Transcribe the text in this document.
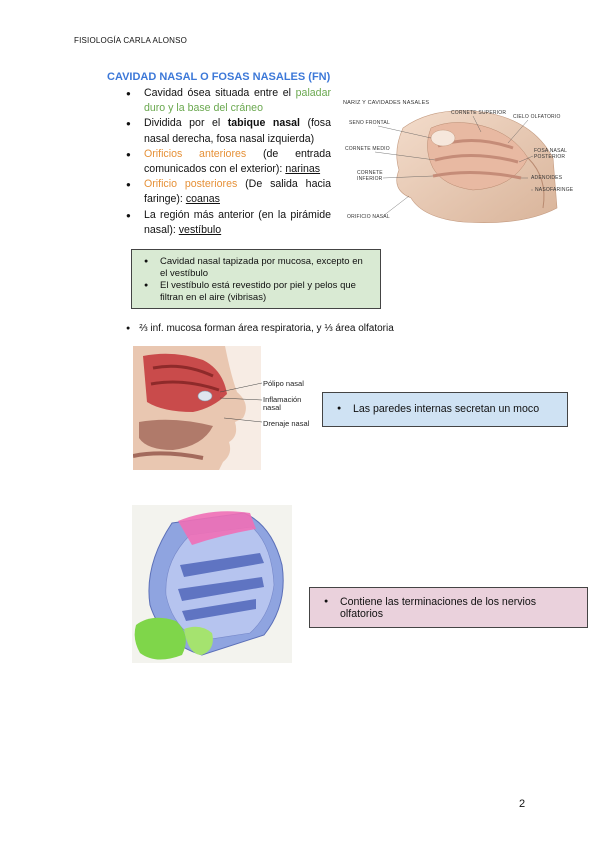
FISIOLOGÍA CARLA ALONSO
CAVIDAD NASAL O FOSAS NASALES (FN)
● Cavidad ósea situada entre el paladar duro y la base del cráneo
● Dividida por el tabique nasal (fosa nasal derecha, fosa nasal izquierda)
● Orificios anteriores (de entrada comunicados con el exterior): narinas
● Orificio posteriores (De salida hacia faringe): coanas
● La región más anterior (en la pirámide nasal): vestíbulo
NARIZ Y CAVIDADES NASALES
SENO FRONTAL
CORNETE SUPERIOR
CIELO OLFATORIO
CORNETE MEDIO	FOSA NASAL POSTERIOR
CORNETE INFERIOR	ADENOIDES
NASOFARINGE
ORIFICIO NASAL
● Cavidad nasal tapizada por mucosa, excepto en el vestíbulo
● El vestíbulo está revestido por piel y pelos que filtran en el aire (vibrisas)
● ⅔ inf. mucosa forman área respiratoria, y ⅓ área olfatoria
Pólipo nasal
Inflamación nasal
Drenaje nasal
● Las paredes internas secretan un moco
● Contiene las terminaciones de los nervios olfatorios
2
